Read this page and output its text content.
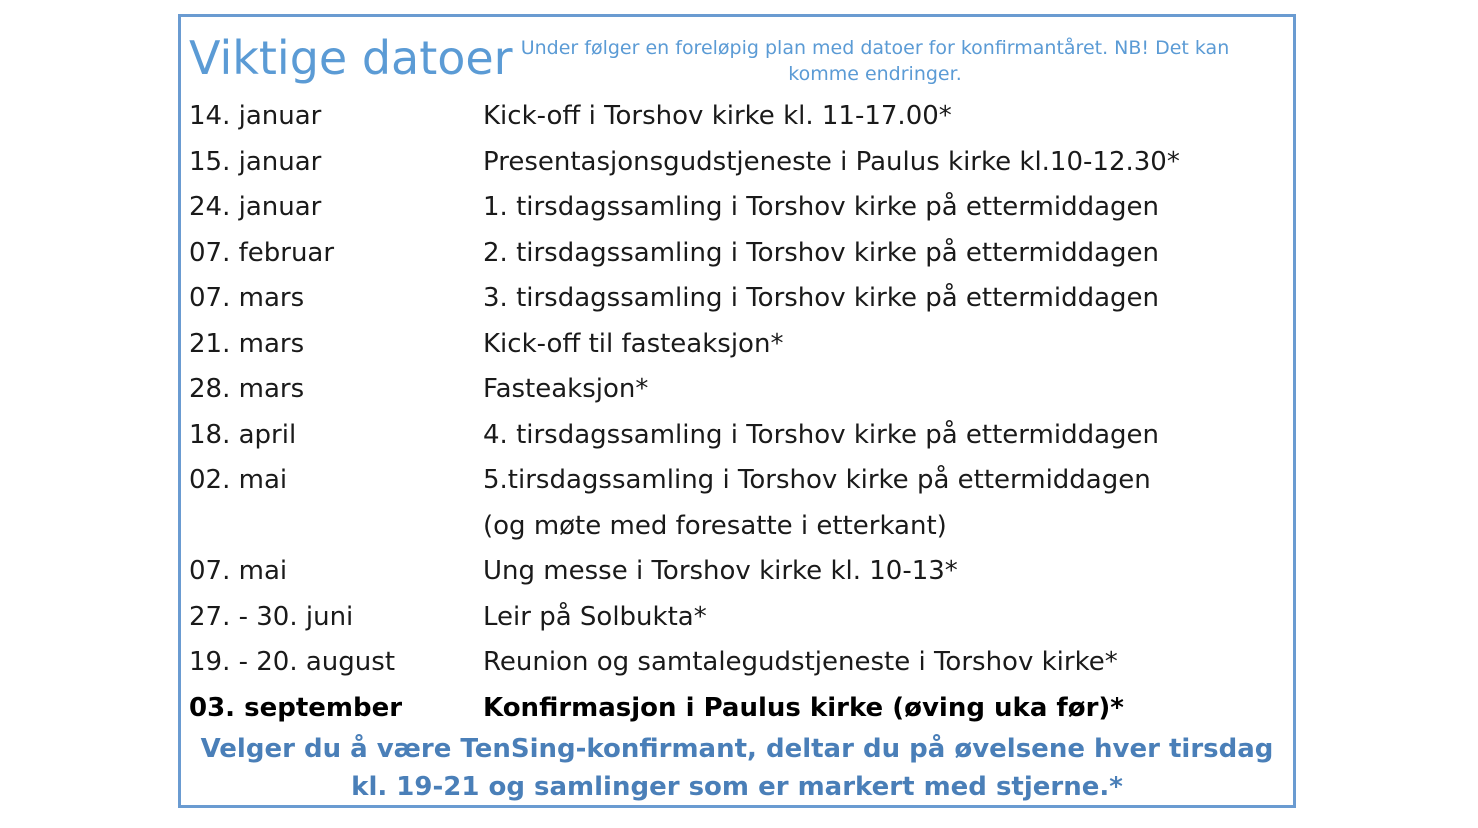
Viktige datoer Under følger en foreløpig plan med datoer for konfirmantåret. NB! Det kan komme endringer.
14. januar	Kick-off i Torshov kirke kl. 11-17.00*
15. januar	Presentasjonsgudstjeneste i Paulus kirke kl.10-12.30*
24. januar	1. tirsdagssamling i Torshov kirke på ettermiddagen
07. februar	2. tirsdagssamling i Torshov kirke på ettermiddagen
07. mars	3. tirsdagssamling i Torshov kirke på ettermiddagen
21. mars	Kick-off til fasteaksjon*
28. mars	Fasteaksjon*
18. april	4. tirsdagssamling i Torshov kirke på ettermiddagen
02. mai	5.tirsdagssamling i Torshov kirke på ettermiddagen
(og møte med foresatte i etterkant)
07. mai	Ung messe i Torshov kirke kl. 10-13*
27. - 30. juni	Leir på Solbukta*
19. - 20. august	Reunion og samtalegudstjeneste i Torshov kirke*
03. september	Konfirmasjon i Paulus kirke (øving uka før)*
Velger du å være TenSing-konfirmant, deltar du på øvelsene hver tirsdag kl. 19-21 og samlinger som er markert med stjerne.*
